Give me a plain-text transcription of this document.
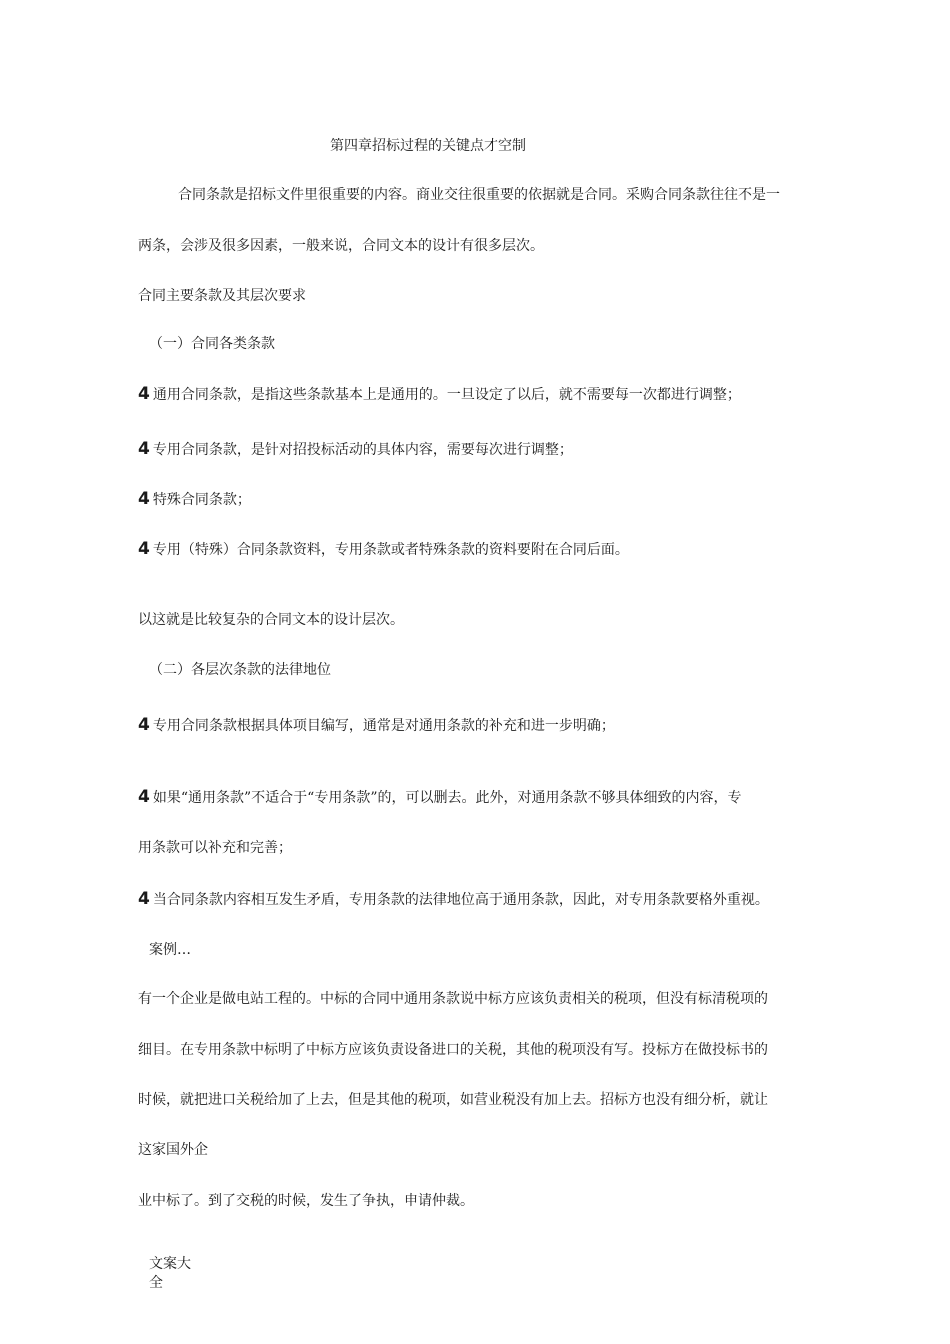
第四章招标过程的关键点才空制
合同条款是招标文件里很重要的内容。商业交往很重要的依据就是合同。采购合同条款往往不是一
两条，会涉及很多因素，一般来说，合同文本的设计有很多层次。
合同主要条款及其层次要求
（一）合同各类条款
4 通用合同条款，是指这些条款基本上是通用的。一旦设定了以后，就不需要每一次都进行调整；
4 专用合同条款，是针对招投标活动的具体内容，需要每次进行调整；
4 特殊合同条款；
4 专用（特殊）合同条款资料，专用条款或者特殊条款的资料要附在合同后面。
以这就是比较复杂的合同文本的设计层次。
（二）各层次条款的法律地位
4 专用合同条款根据具体项目编写，通常是对通用条款的补充和进一步明确；
4 如果“通用条款”不适合于“专用条款”的，可以删去。此外，对通用条款不够具体细致的内容，专
用条款可以补充和完善；
4 当合同条款内容相互发生矛盾，专用条款的法律地位高于通用条款，因此，对专用条款要格外重视。
案例…
有一个企业是做电站工程的。中标的合同中通用条款说中标方应该负责相关的税项，但没有标清税项的
细目。在专用条款中标明了中标方应该负责设备进口的关税，其他的税项没有写。投标方在做投标书的
时候，就把进口关税给加了上去，但是其他的税项，如营业税没有加上去。招标方也没有细分析，就让
这家国外企
业中标了。到了交税的时候，发生了争执，申请仲裁。
文案大全
